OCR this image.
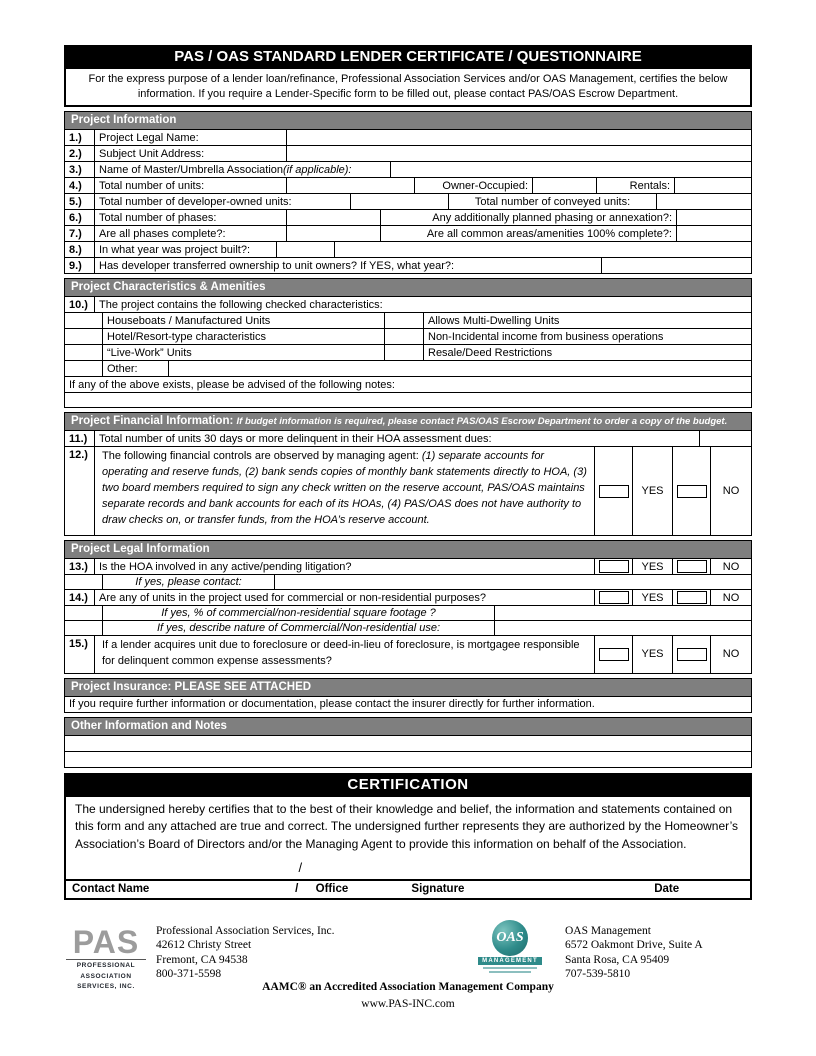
PAS / OAS STANDARD LENDER CERTIFICATE / QUESTIONNAIRE
For the express purpose of a lender loan/refinance, Professional Association Services and/or OAS Management, certifies the below information. If you require a Lender-Specific form to be filled out, please contact PAS/OAS Escrow Department.
Project Information
1.)	Project Legal Name:
2.)	Subject Unit Address:
3.)	Name of Master/Umbrella Association (if applicable):
4.)	Total number of units:	Owner-Occupied:	Rentals:
5.)	Total number of developer-owned units:	Total number of conveyed units:
6.)	Total number of phases:	Any additionally planned phasing or annexation?:
7.)	Are all phases complete?:	Are all common areas/amenities 100% complete?:
8.)	In what year was project built?:
9.)	Has developer transferred ownership to unit owners? If YES, what year?:
Project Characteristics & Amenities
10.)	The project contains the following checked characteristics:
Houseboats / Manufactured Units	Allows Multi-Dwelling Units
Hotel/Resort-type characteristics	Non-Incidental income from business operations
“Live-Work” Units	Resale/Deed Restrictions
Other:
If any of the above exists, please be advised of the following notes:
Project Financial Information: If budget information is required, please contact PAS/OAS Escrow Department to order a copy of the budget.
11.)	Total number of units 30 days or more delinquent in their HOA assessment dues:
12.)	The following financial controls are observed by managing agent: (1) separate accounts for operating and reserve funds, (2) bank sends copies of monthly bank statements directly to HOA, (3) two board members required to sign any check written on the reserve account, PAS/OAS maintains separate records and bank accounts for each of its HOAs, (4) PAS/OAS does not have authority to draw checks on, or transfer funds, from the HOA’s reserve account.
YES	NO
Project Legal Information
13.)	Is the HOA involved in any active/pending litigation?	YES	NO
If yes, please contact:
14.)	Are any of units in the project used for commercial or non-residential purposes?	YES	NO
If yes, % of commercial/non-residential square footage ?
If yes, describe nature of Commercial/Non-residential use:
15.)	If a lender acquires unit due to foreclosure or deed-in-lieu of foreclosure, is mortgagee responsible for delinquent common expense assessments?
YES	NO
Project Insurance: PLEASE SEE ATTACHED
If you require further information or documentation, please contact the insurer directly for further information.
Other Information and Notes
CERTIFICATION
The undersigned hereby certifies that to the best of their knowledge and belief, the information and statements contained on this form and any attached are true and correct. The undersigned further represents they are authorized by the Homeowner’s Association’s Board of Directors and/or the Managing Agent to provide this information on behalf of the Association.
/
Contact Name	/ Office	Signature	Date
PAS
PROFESSIONAL ASSOCIATION SERVICES, INC.
Professional Association Services, Inc.
42612 Christy Street
Fremont, CA 94538
800-371-5598
OAS
MANAGEMENT
OAS Management
6572 Oakmont Drive, Suite A
Santa Rosa, CA 95409
707-539-5810
AAMC® an Accredited Association Management Company
www.PAS-INC.com
